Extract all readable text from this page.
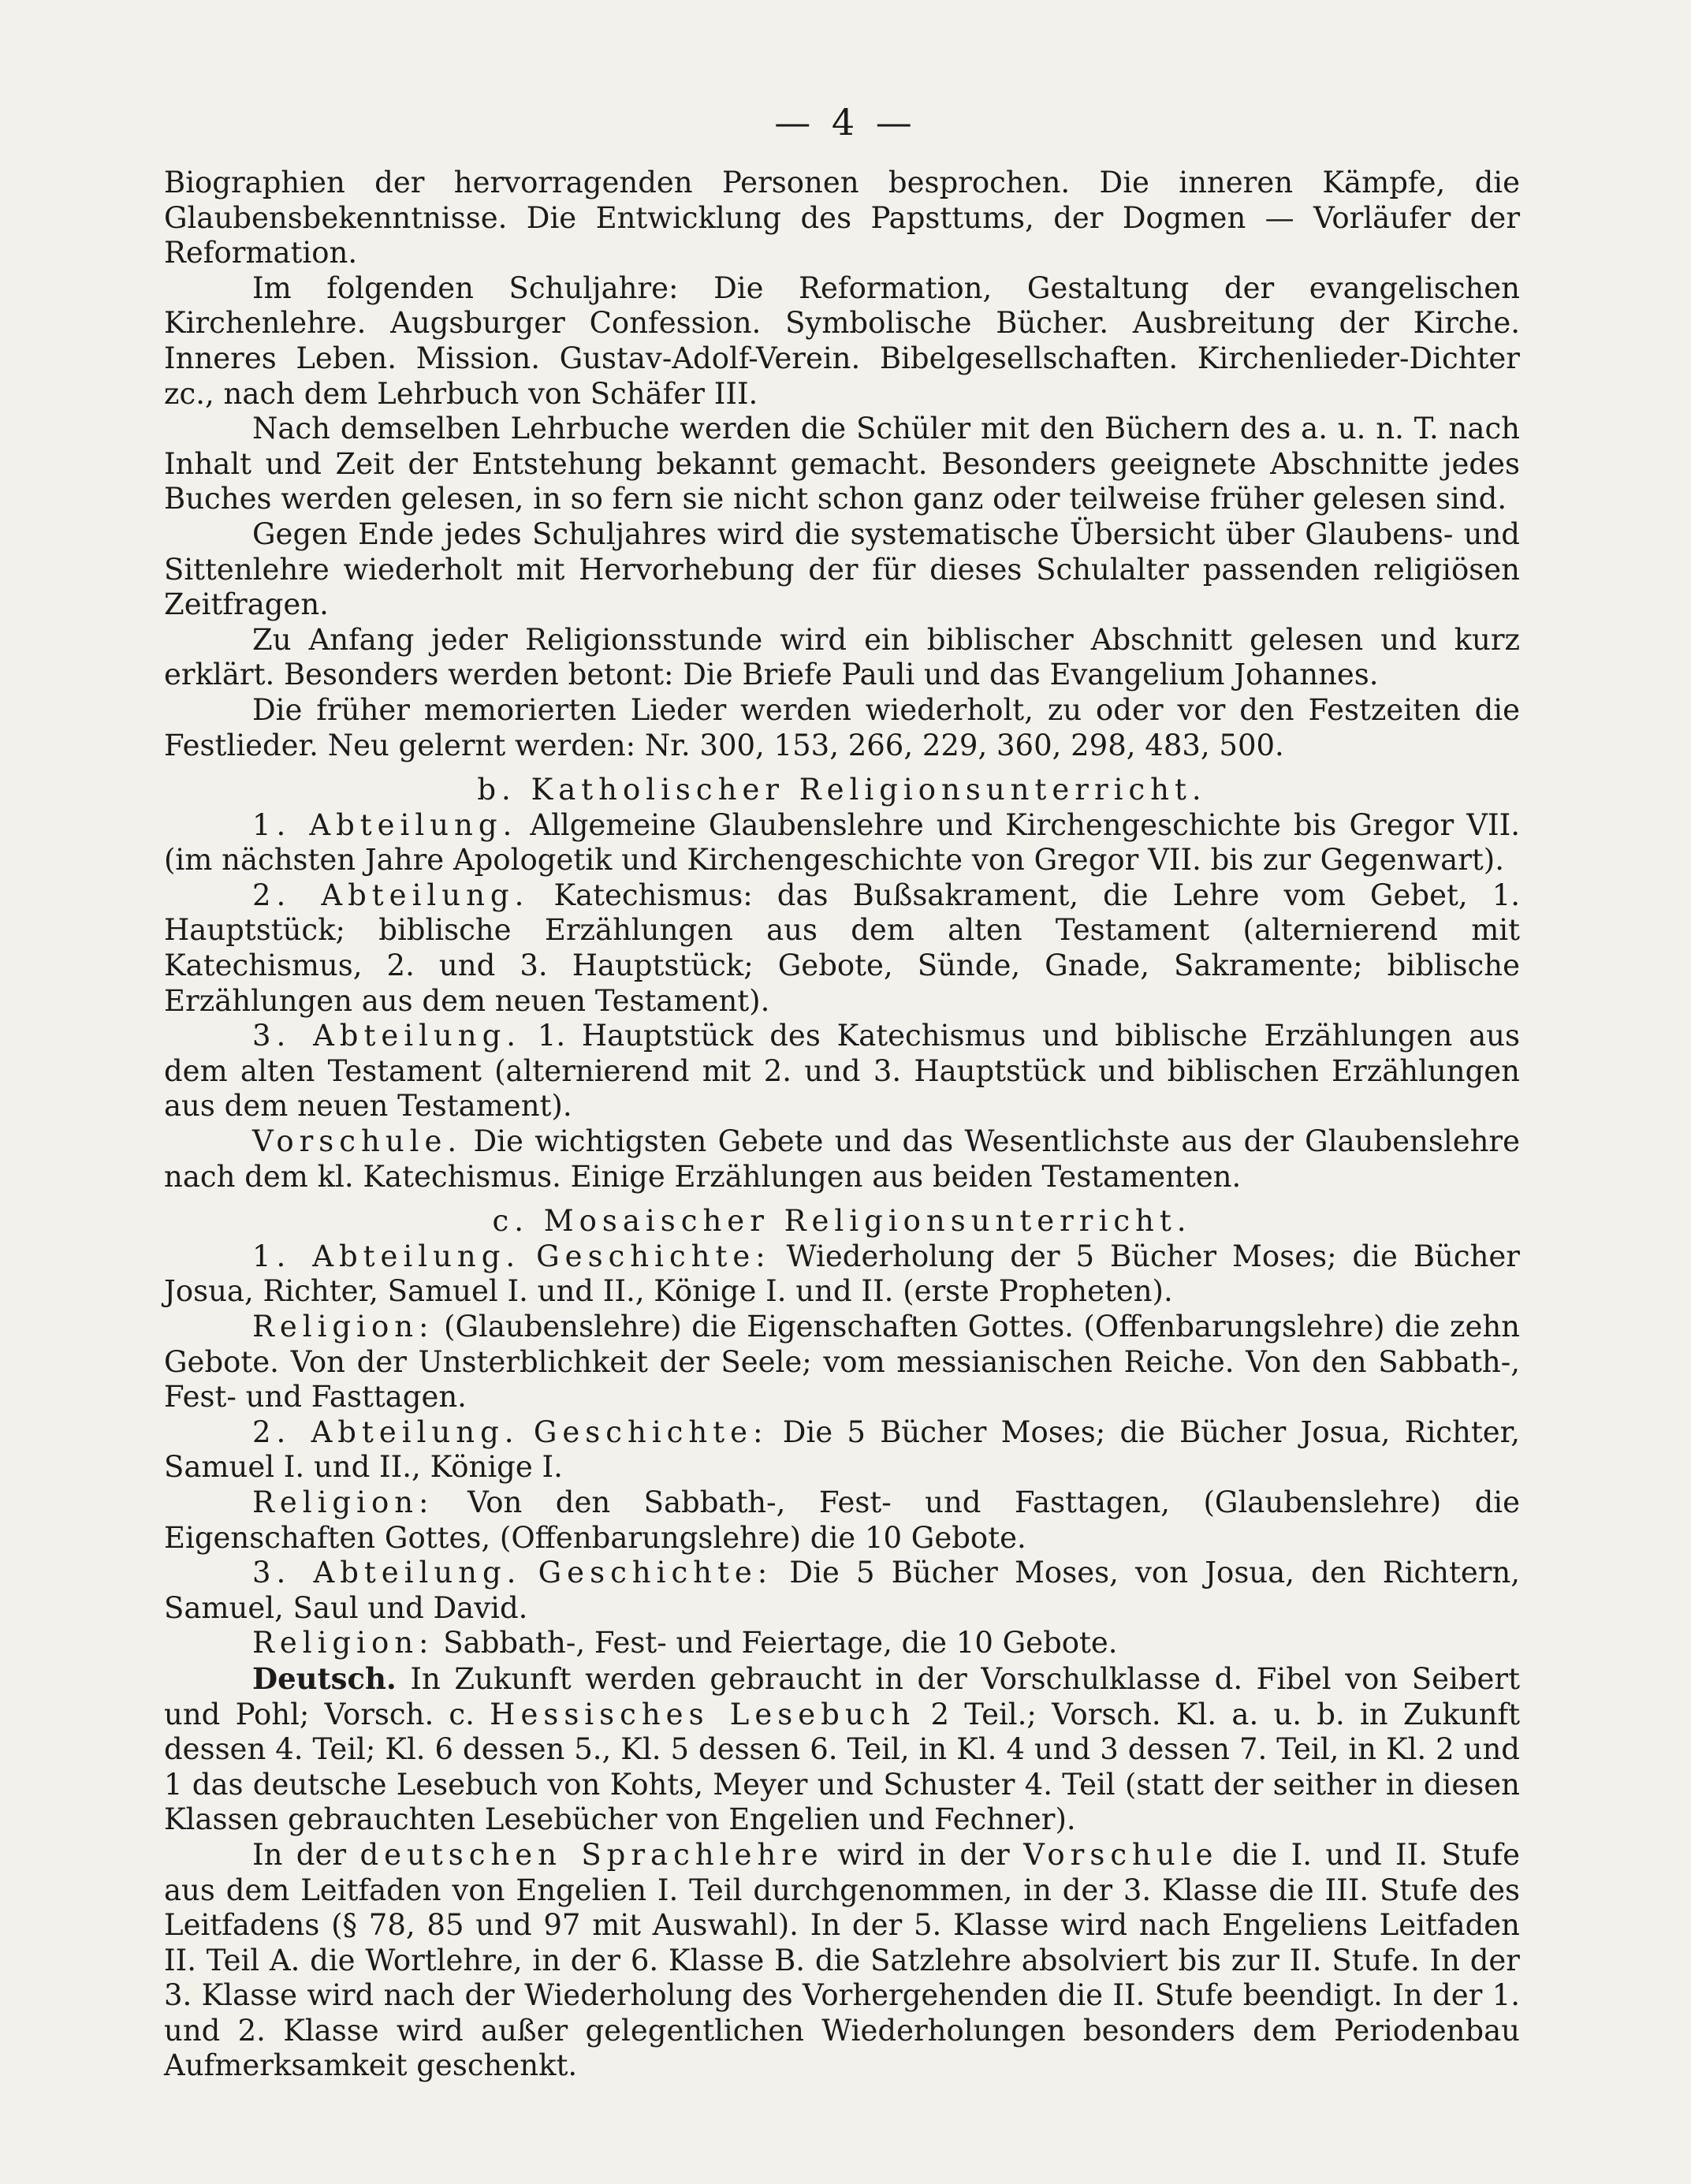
— 4 —

Biographien der hervorragenden Personen besprochen. Die inneren Kämpfe, die Glaubensbekenntnisse. Die Entwicklung des Papsttums, der Dogmen — Vorläufer der Reformation.

Im folgenden Schuljahre: Die Reformation, Gestaltung der evangelischen Kirchenlehre. Augsburger Confession. Symbolische Bücher. Ausbreitung der Kirche. Inneres Leben. Mission. Gustav-Adolf-Verein. Bibelgesellschaften. Kirchenlieder-Dichter zc., nach dem Lehrbuch von Schäfer III.

Nach demselben Lehrbuche werden die Schüler mit den Büchern des a. u. n. T. nach Inhalt und Zeit der Entstehung bekannt gemacht. Besonders geeignete Abschnitte jedes Buches werden gelesen, in so fern sie nicht schon ganz oder teilweise früher gelesen sind.

Gegen Ende jedes Schuljahres wird die systematische Übersicht über Glaubens- und Sittenlehre wiederholt mit Hervorhebung der für dieses Schulalter passenden religiösen Zeitfragen.

Zu Anfang jeder Religionsstunde wird ein biblischer Abschnitt gelesen und kurz erklärt. Besonders werden betont: Die Briefe Pauli und das Evangelium Johannes.

Die früher memorierten Lieder werden wiederholt, zu oder vor den Festzeiten die Festlieder. Neu gelernt werden: Nr. 300, 153, 266, 229, 360, 298, 483, 500.

b. Katholischer Religionsunterricht.

1. Abteilung. Allgemeine Glaubenslehre und Kirchengeschichte bis Gregor VII. (im nächsten Jahre Apologetik und Kirchengeschichte von Gregor VII. bis zur Gegenwart).

2. Abteilung. Katechismus: das Bußsakrament, die Lehre vom Gebet, 1. Hauptstück; biblische Erzählungen aus dem alten Testament (alternierend mit Katechismus, 2. und 3. Hauptstück; Gebote, Sünde, Gnade, Sakramente; biblische Erzählungen aus dem neuen Testament).

3. Abteilung. 1. Hauptstück des Katechismus und biblische Erzählungen aus dem alten Testament (alternierend mit 2. und 3. Hauptstück und biblischen Erzählungen aus dem neuen Testament).

Vorschule. Die wichtigsten Gebete und das Wesentlichste aus der Glaubenslehre nach dem kl. Katechismus. Einige Erzählungen aus beiden Testamenten.

c. Mosaischer Religionsunterricht.

1. Abteilung. Geschichte: Wiederholung der 5 Bücher Moses; die Bücher Josua, Richter, Samuel I. und II., Könige I. und II. (erste Propheten).

Religion: (Glaubenslehre) die Eigenschaften Gottes. (Offenbarungslehre) die zehn Gebote. Von der Unsterblichkeit der Seele; vom messianischen Reiche. Von den Sabbath-, Fest- und Fasttagen.

2. Abteilung. Geschichte: Die 5 Bücher Moses; die Bücher Josua, Richter, Samuel I. und II., Könige I.

Religion: Von den Sabbath-, Fest- und Fasttagen, (Glaubenslehre) die Eigenschaften Gottes, (Offenbarungslehre) die 10 Gebote.

3. Abteilung. Geschichte: Die 5 Bücher Moses, von Josua, den Richtern, Samuel, Saul und David.

Religion: Sabbath-, Fest- und Feiertage, die 10 Gebote.

Deutsch. In Zukunft werden gebraucht in der Vorschulklasse d. Fibel von Seibert und Pohl; Vorsch. c. Hessisches Lesebuch 2 Teil.; Vorsch. Kl. a. u. b. in Zukunft dessen 4. Teil; Kl. 6 dessen 5., Kl. 5 dessen 6. Teil, in Kl. 4 und 3 dessen 7. Teil, in Kl. 2 und 1 das deutsche Lesebuch von Kohts, Meyer und Schuster 4. Teil (statt der seither in diesen Klassen gebrauchten Lesebücher von Engelien und Fechner).

In der deutschen Sprachlehre wird in der Vorschule die I. und II. Stufe aus dem Leitfaden von Engelien I. Teil durchgenommen, in der 3. Klasse die III. Stufe des Leitfadens (§ 78, 85 und 97 mit Auswahl). In der 5. Klasse wird nach Engeliens Leitfaden II. Teil A. die Wortlehre, in der 6. Klasse B. die Satzlehre absolviert bis zur II. Stufe. In der 3. Klasse wird nach der Wiederholung des Vorhergehenden die II. Stufe beendigt. In der 1. und 2. Klasse wird außer gelegentlichen Wiederholungen besonders dem Periodenbau Aufmerksamkeit geschenkt.
